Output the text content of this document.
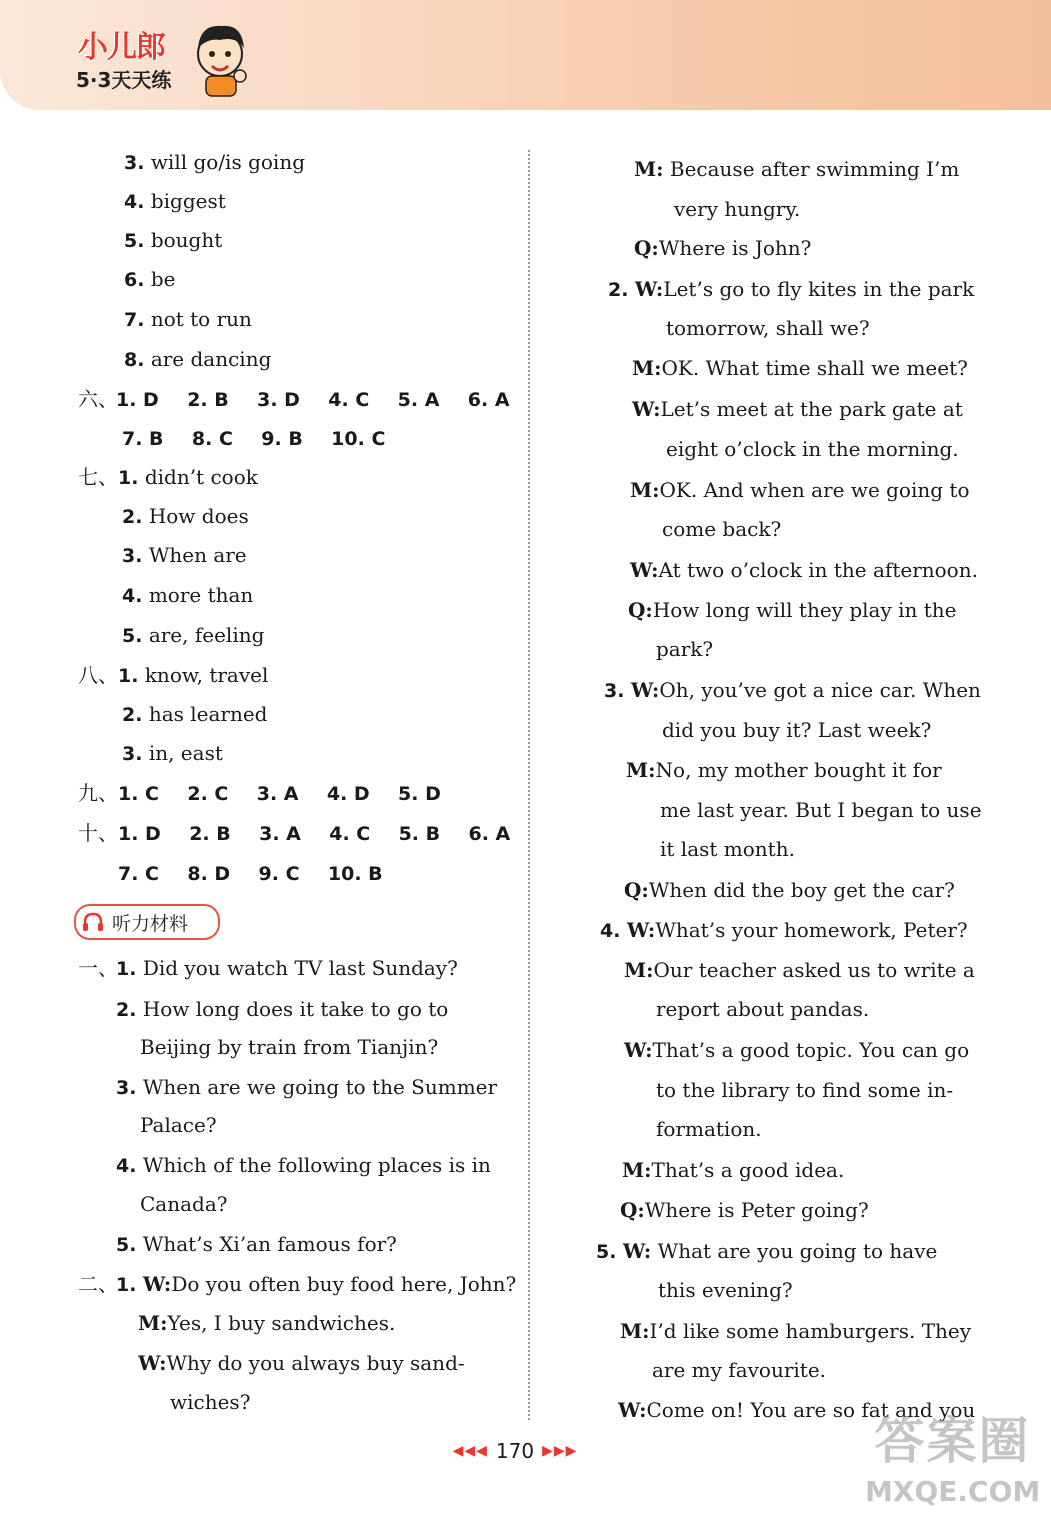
小儿郎
5·3天天练
3. will go/is going
4. biggest
5. bought
6. be
7. not to run
8. are dancing
六、1. D 2. B 3. D 4. C 5. A 6. A
7. B 8. C 9. B 10. C
七、1. didn’t cook
2. How does
3. When are
4. more than
5. are, feeling
八、1. know, travel
2. has learned
3. in, east
九、1. C 2. C 3. A 4. D 5. D
十、1. D 2. B 3. A 4. C 5. B 6. A
7. C 8. D 9. C 10. B
一、
1. Did you watch TV last Sunday?
2. How long does it take to go to
Beijing by train from Tianjin?
3. When are we going to the Summer
Palace?
4. Which of the following places is in
Canada?
5. What’s Xi’an famous for?
二、
1. W:Do you often buy food here, John?
M:Yes, I buy sandwiches.
W:Why do you always buy sand-
wiches?
听力材料
M: Because after swimming I’m
very hungry.
Q:Where is John?
2. W:Let’s go to fly kites in the park
tomorrow, shall we?
M:OK. What time shall we meet?
W:Let’s meet at the park gate at
eight o’clock in the morning.
M:OK. And when are we going to
come back?
W:At two o’clock in the afternoon.
Q:How long will they play in the
park?
3. W:Oh, you’ve got a nice car. When
did you buy it? Last week?
M:No, my mother bought it for
me last year. But I began to use
it last month.
Q:When did the boy get the car?
4. W:What’s your homework, Peter?
M:Our teacher asked us to write a
report about pandas.
W:That’s a good topic. You can go
to the library to find some in-
formation.
M:That’s a good idea.
Q:Where is Peter going?
5. W: What are you going to have
this evening?
M:I’d like some hamburgers. They
are my favourite.
W:Come on! You are so fat and you
◀◀◀ 170 ▶▶▶	答案圈
MXQE.COM
